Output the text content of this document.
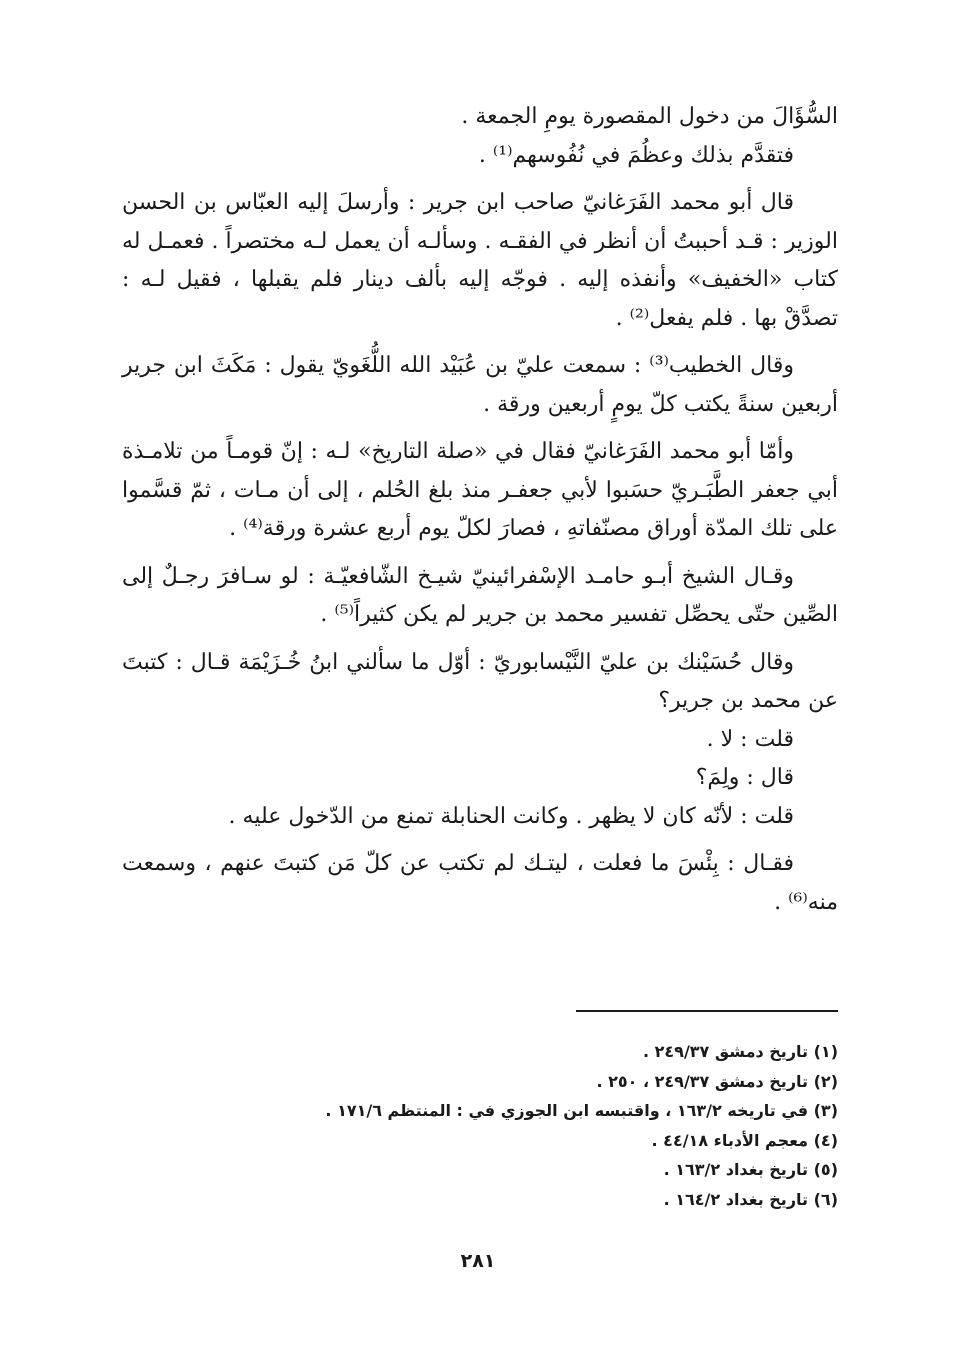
السُّؤَالَ من دخول المقصورة يومِ الجمعة .

فتقدَّم بذلك وعظُمَ في نُفُوسهم⁽¹⁾ .

قال أبو محمد الفَرَغانيّ صاحب ابن جرير : وأرسلَ إليه العبّاس بن الحسن الوزير : قـد أحببتُ أن أنظر في الفقـه . وسألـه أن يعمل لـه مختصراً . فعمـل له كتاب «الخفيف» وأنفذه إليه . فوجّه إليه بألف دينار فلم يقبلها ، فقيل لـه : تصدَّقْ بها . فلم يفعل⁽²⁾ .

وقال الخطيب⁽³⁾ : سمعت عليّ بن عُبَيْد الله اللُّغَويّ يقول : مَكَثَ ابن جرير أربعين سنةً يكتب كلّ يومٍ أربعين ورقة .

وأمّا أبو محمد الفَرَغانيّ فقال في «صلة التاريخ» لـه : إنّ قومـاً من تلامـذة أبي جعفر الطَّبَـريّ حسَبوا لأبي جعفـر منذ بلغ الحُلم ، إلى أن مـات ، ثمّ قسَّموا على تلك المدّة أوراق مصنّفاتهِ ، فصارَ لكلّ يوم أربع عشرة ورقة⁽⁴⁾ .

وقـال الشيخ أبـو حامـد الإسْفرائينيّ شيـخ الشّافعيّـة : لو سـافرَ رجـلٌ إلى الصِّين حتّى يحصِّل تفسير محمد بن جرير لم يكن كثيراً⁽⁵⁾ .

وقال حُسَيْنك بن عليّ النَّيْسابوريّ : أوّل ما سألني ابنُ خُـزَيْمَة قـال : كتبتَ عن محمد بن جرير؟

قلت : لا .

قال : ولِمَ؟

قلت : لأنّه كان لا يظهر . وكانت الحنابلة تمنع من الدّخول عليه .

فقـال : بِئْسَ ما فعلت ، ليتـك لم تكتب عن كلّ مَن كتبتَ عنهم ، وسمعت منه⁽⁶⁾ .

(١) تاريخ دمشق ٢٤٩/٣٧ .

(٢) تاريخ دمشق ٢٤٩/٣٧ ، ٢٥٠ .

(٣) في تاريخه ١٦٣/٢ ، واقتبسه ابن الجوزي في : المنتظم ١٧١/٦ .

(٤) معجم الأدباء ٤٤/١٨ .

(٥) تاريخ بغداد ١٦٣/٢ .

(٦) تاريخ بغداد ١٦٤/٢ .

٢٨١
